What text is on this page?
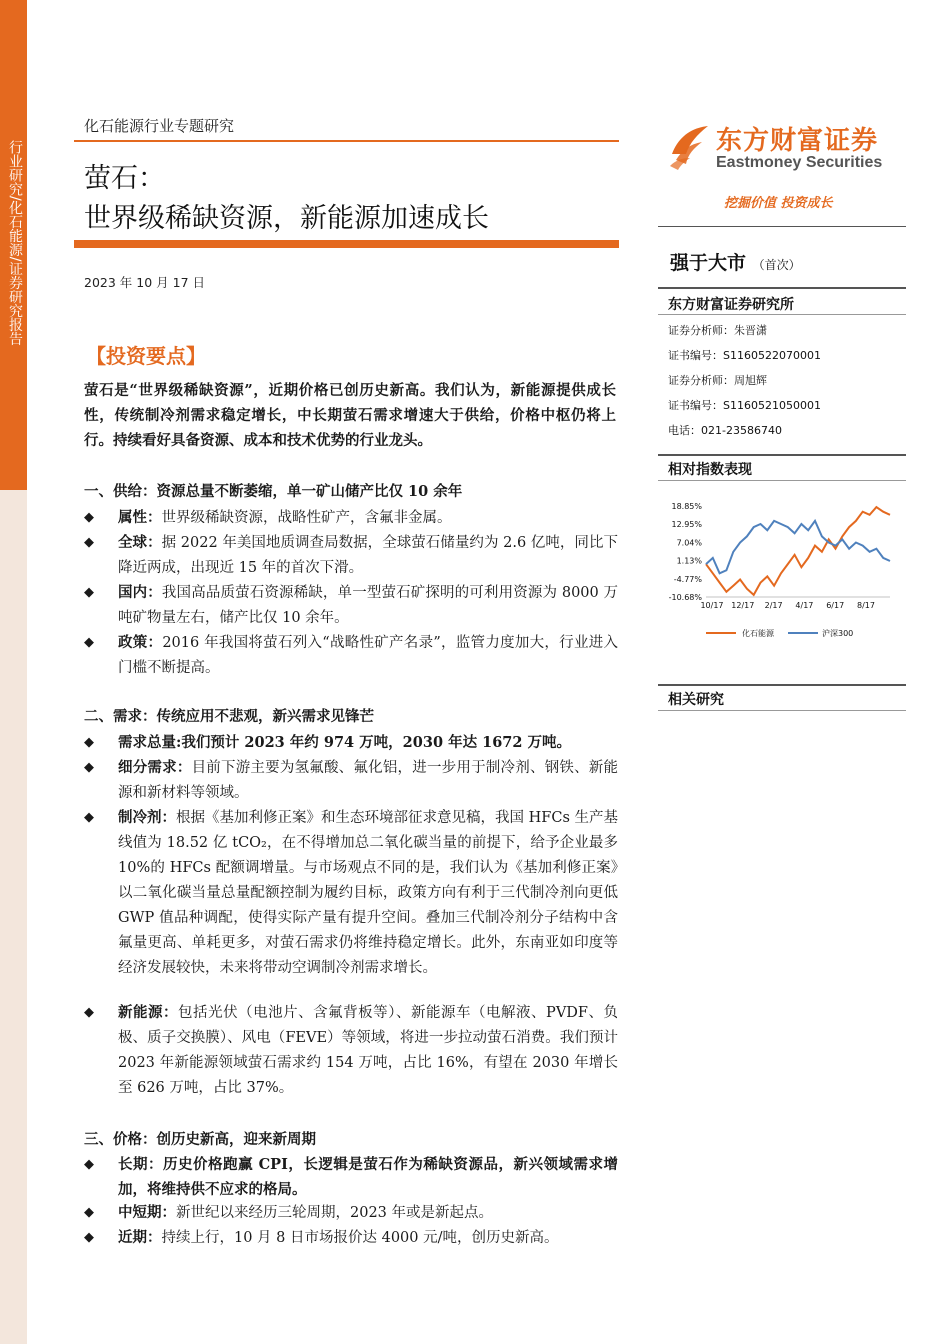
行业研究/化石能源/证券研究报告
化石能源行业专题研究
萤石：
世界级稀缺资源，新能源加速成长
2023 年 10 月 17 日
东方财富证券
Eastmoney Securities
挖掘价值 投资成长
强于大市 （首次）
东方财富证券研究所
证券分析师：朱晋潇
证书编号：S1160522070001
证券分析师：周旭辉
证书编号：S1160521050001
电话：021-23586740
相对指数表现
18.85%
12.95%
7.04%
1.13%
-4.77%
-10.68%
10/17 12/17 2/17 4/17 6/17 8/17
化石能源	沪深300
相关研究
【投资要点】
萤石是“世界级稀缺资源”，近期价格已创历史新高。我们认为，新能源提供成长性，传统制冷剂需求稳定增长，中长期萤石需求增速大于供给，价格中枢仍将上行。持续看好具备资源、成本和技术优势的行业龙头。
一、供给：资源总量不断萎缩，单一矿山储产比仅 10 余年
◆ 属性：世界级稀缺资源，战略性矿产，含氟非金属。
◆ 全球：据 2022 年美国地质调查局数据，全球萤石储量约为 2.6 亿吨，同比下降近两成，出现近 15 年的首次下滑。
◆ 国内：我国高品质萤石资源稀缺，单一型萤石矿探明的可利用资源为 8000 万吨矿物量左右，储产比仅 10 余年。
◆ 政策：2016 年我国将萤石列入“战略性矿产名录”，监管力度加大，行业进入门槛不断提高。
二、需求：传统应用不悲观，新兴需求见锋芒
◆ 需求总量:我们预计 2023 年约 974 万吨，2030 年达 1672 万吨。
◆ 细分需求：目前下游主要为氢氟酸、氟化铝，进一步用于制冷剂、钢铁、新能源和新材料等领域。
◆ 制冷剂：根据《基加利修正案》和生态环境部征求意见稿，我国 HFCs 生产基线值为 18.52 亿 tCO₂，在不得增加总二氧化碳当量的前提下，给予企业最多 10%的 HFCs 配额调增量。与市场观点不同的是，我们认为《基加利修正案》以二氧化碳当量总量配额控制为履约目标，政策方向有利于三代制冷剂向更低 GWP 值品种调配，使得实际产量有提升空间。叠加三代制冷剂分子结构中含氟量更高、单耗更多，对萤石需求仍将维持稳定增长。此外，东南亚如印度等经济发展较快，未来将带动空调制冷剂需求增长。
◆ 新能源：包括光伏（电池片、含氟背板等）、新能源车（电解液、PVDF、负极、质子交换膜）、风电（FEVE）等领域，将进一步拉动萤石消费。我们预计 2023 年新能源领域萤石需求约 154 万吨，占比 16%，有望在 2030 年增长至 626 万吨，占比 37%。
三、价格：创历史新高，迎来新周期
◆ 长期：历史价格跑赢 CPI，长逻辑是萤石作为稀缺资源品，新兴领域需求增加，将维持供不应求的格局。
◆ 中短期：新世纪以来经历三轮周期，2023 年或是新起点。
◆ 近期：持续上行，10 月 8 日市场报价达 4000 元/吨，创历史新高。
